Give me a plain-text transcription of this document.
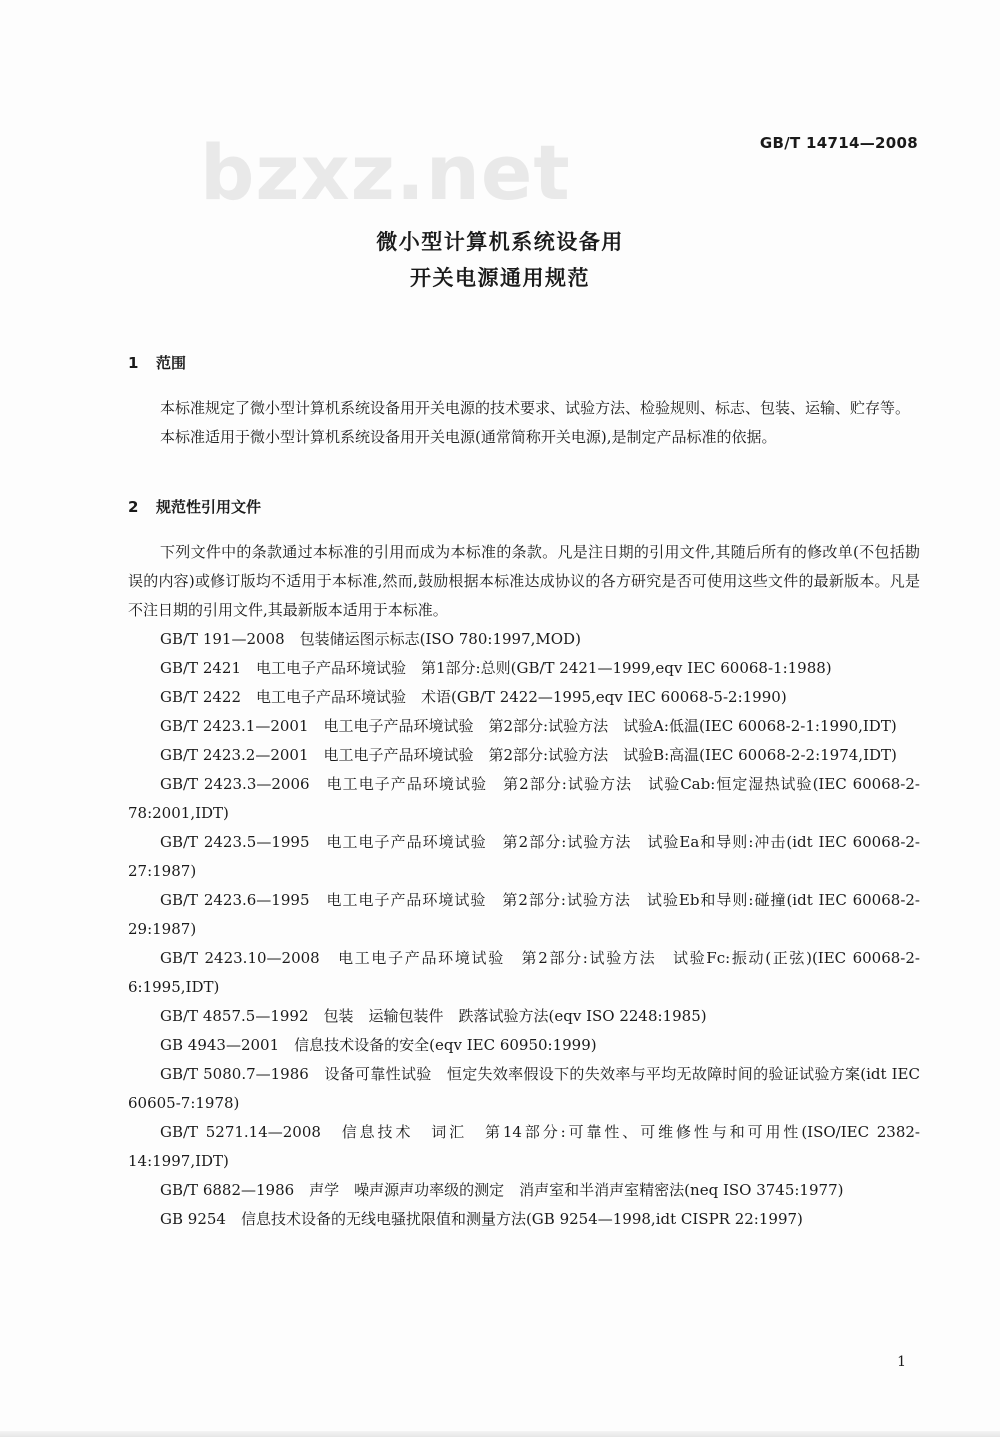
bzxz.net	GB/T 14714—2008
微小型计算机系统设备用
开关电源通用规范
1 范围

本标准规定了微小型计算机系统设备用开关电源的技术要求、试验方法、检验规则、标志、包装、运输、贮存等。

本标准适用于微小型计算机系统设备用开关电源(通常简称开关电源),是制定产品标准的依据。

2 规范性引用文件

下列文件中的条款通过本标准的引用而成为本标准的条款。凡是注日期的引用文件,其随后所有的修改单(不包括勘误的内容)或修订版均不适用于本标准,然而,鼓励根据本标准达成协议的各方研究是否可使用这些文件的最新版本。凡是不注日期的引用文件,其最新版本适用于本标准。

GB/T 191—2008　包装储运图示标志(ISO 780:1997,MOD)

GB/T 2421　电工电子产品环境试验　第1部分:总则(GB/T 2421—1999,eqv IEC 60068-1:1988)

GB/T 2422　电工电子产品环境试验　术语(GB/T 2422—1995,eqv IEC 60068-5-2:1990)

GB/T 2423.1—2001　电工电子产品环境试验　第2部分:试验方法　试验A:低温(IEC 60068-2-1:1990,IDT)

GB/T 2423.2—2001　电工电子产品环境试验　第2部分:试验方法　试验B:高温(IEC 60068-2-2:1974,IDT)

GB/T 2423.3—2006　电工电子产品环境试验　第2部分:试验方法　试验Cab:恒定湿热试验(IEC 60068-2-78:2001,IDT)

GB/T 2423.5—1995　电工电子产品环境试验　第2部分:试验方法　试验Ea和导则:冲击(idt IEC 60068-2-27:1987)

GB/T 2423.6—1995　电工电子产品环境试验　第2部分:试验方法　试验Eb和导则:碰撞(idt IEC 60068-2-29:1987)

GB/T 2423.10—2008　电工电子产品环境试验　第2部分:试验方法　试验Fc:振动(正弦)(IEC 60068-2-6:1995,IDT)

GB/T 4857.5—1992　包装　运输包装件　跌落试验方法(eqv ISO 2248:1985)

GB 4943—2001　信息技术设备的安全(eqv IEC 60950:1999)

GB/T 5080.7—1986　设备可靠性试验　恒定失效率假设下的失效率与平均无故障时间的验证试验方案(idt IEC 60605-7:1978)

GB/T 5271.14—2008　信息技术　词汇　第14部分:可靠性、可维修性与和可用性(ISO/IEC 2382-14:1997,IDT)

GB/T 6882—1986　声学　噪声源声功率级的测定　消声室和半消声室精密法(neq ISO 3745:1977)

GB 9254　信息技术设备的无线电骚扰限值和测量方法(GB 9254—1998,idt CISPR 22:1997)

1
